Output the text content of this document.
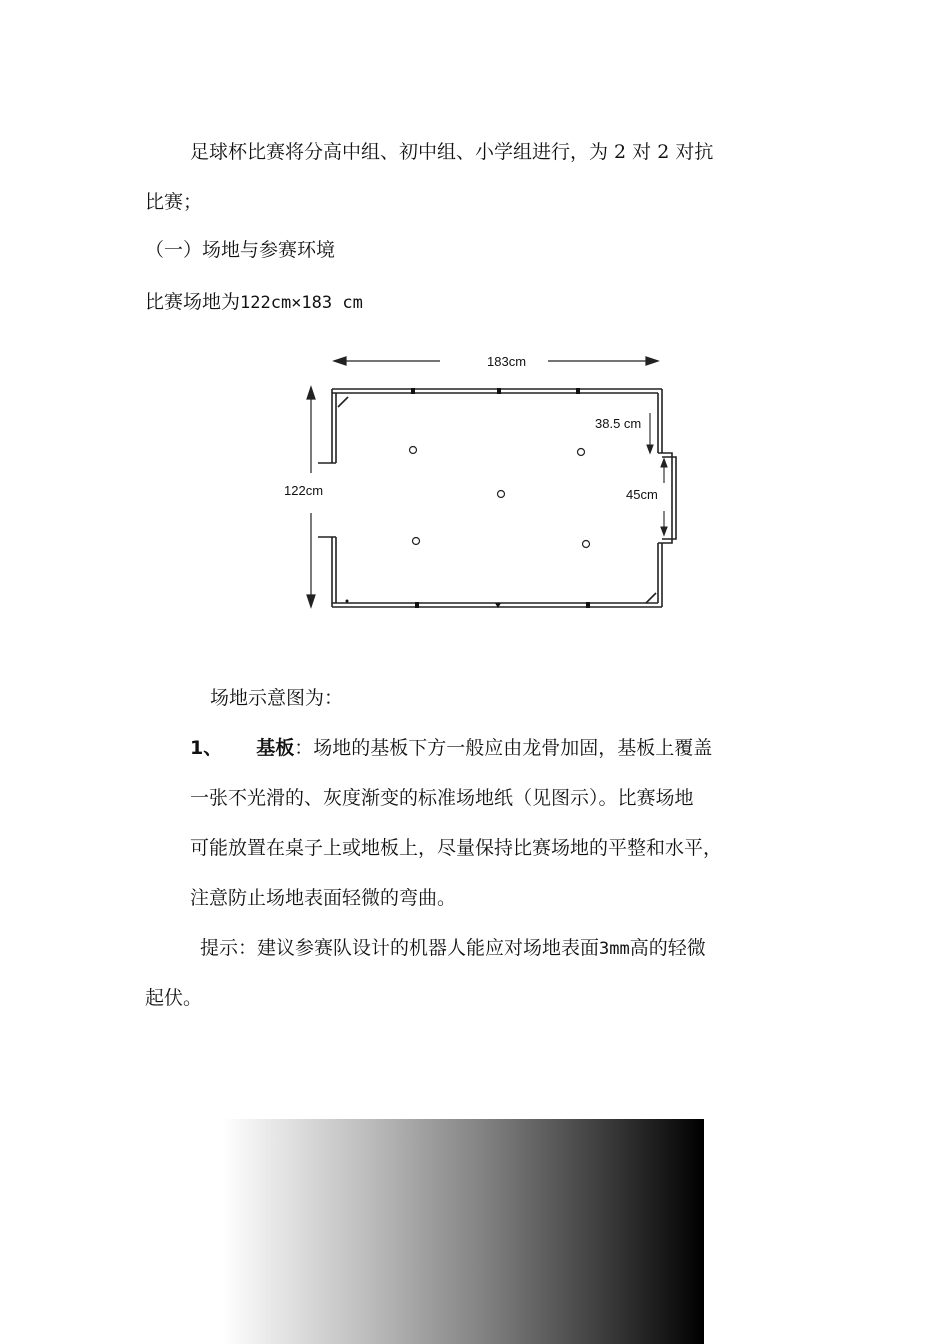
足球杯比赛将分高中组、初中组、小学组进行，为 2 对 2 对抗
比赛；
（一）场地与参赛环境
比赛场地为122cm×183 cm
183cm
122cm
38.5 cm
45cm
场地示意图为：
1、 基板：场地的基板下方一般应由龙骨加固，基板上覆盖
一张不光滑的、灰度渐变的标准场地纸（见图示）。比赛场地
可能放置在桌子上或地板上，尽量保持比赛场地的平整和水平，
注意防止场地表面轻微的弯曲。
提示：建议参赛队设计的机器人能应对场地表面3mm高的轻微
起伏。
